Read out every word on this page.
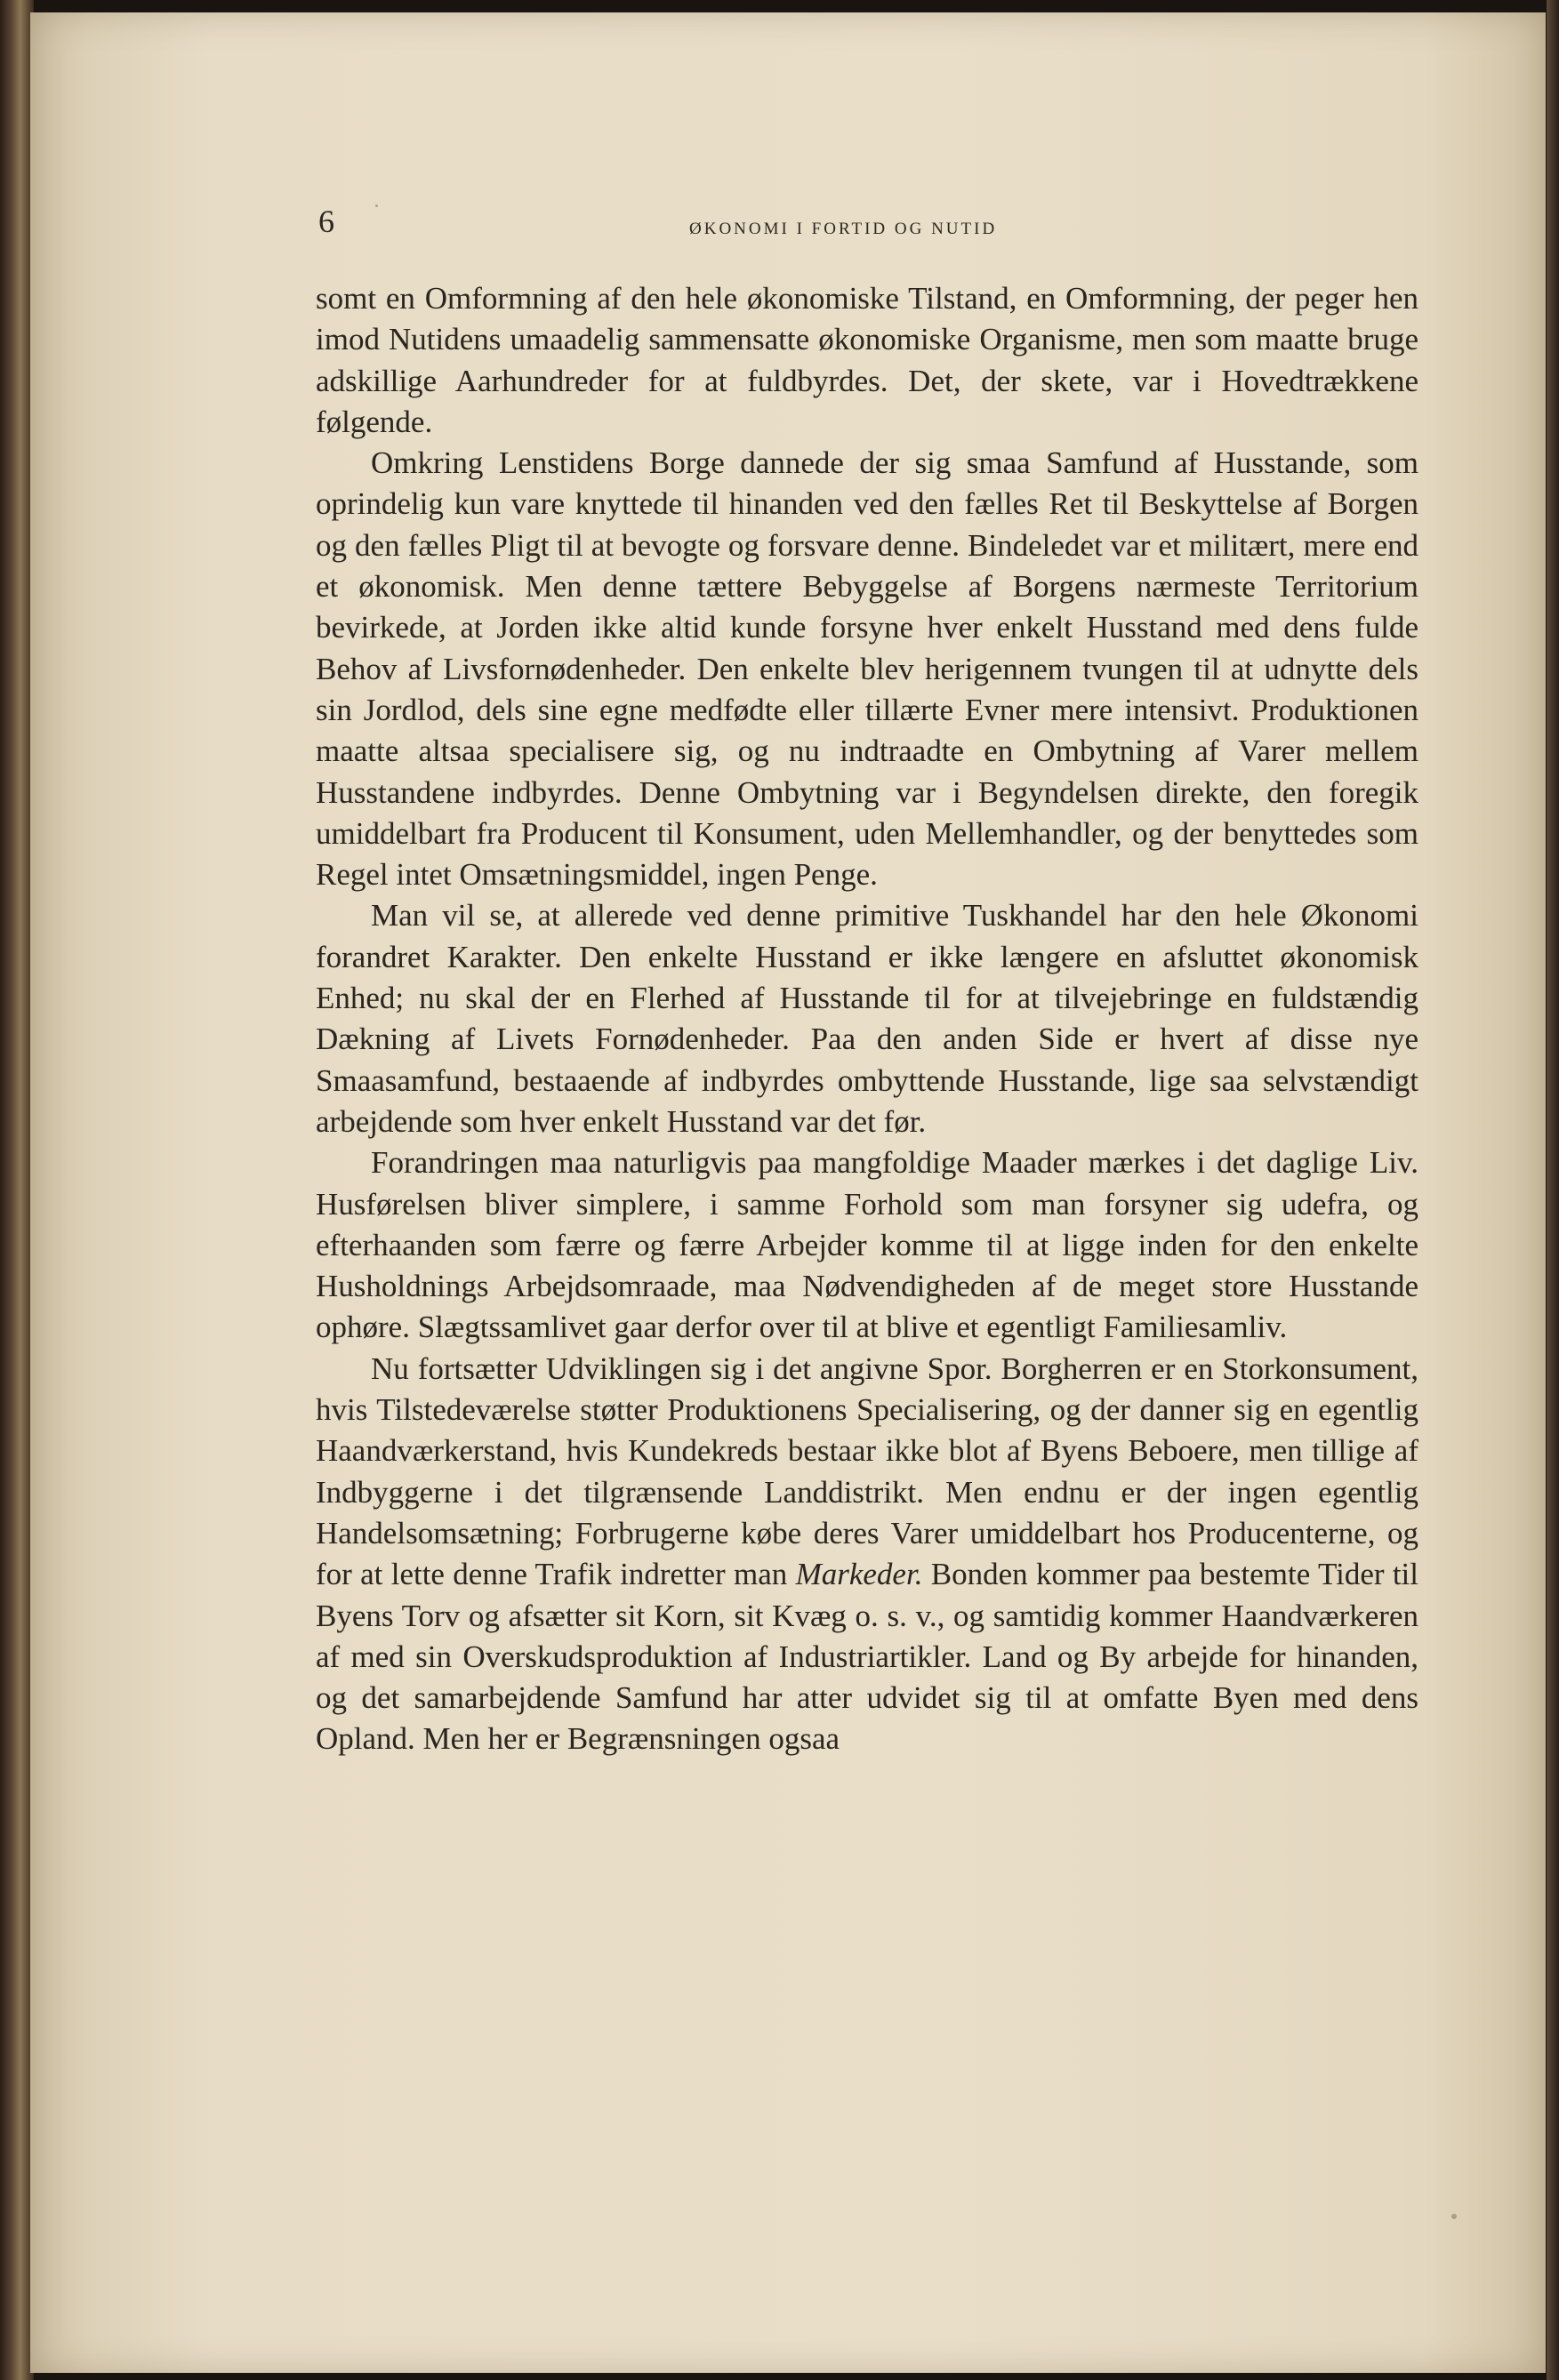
6	ØKONOMI I FORTID OG NUTID

somt en Omformning af den hele økonomiske Tilstand, en Omformning, der peger hen imod Nutidens umaadelig sammensatte økonomiske Organisme, men som maatte bruge adskillige Aarhundreder for at fuldbyrdes. Det, der skete, var i Hovedtrækkene følgende.

Omkring Lenstidens Borge dannede der sig smaa Samfund af Husstande, som oprindelig kun vare knyttede til hinanden ved den fælles Ret til Beskyttelse af Borgen og den fælles Pligt til at bevogte og forsvare denne. Bindeledet var et militært, mere end et økonomisk. Men denne tættere Bebyggelse af Borgens nærmeste Territorium bevirkede, at Jorden ikke altid kunde forsyne hver enkelt Husstand med dens fulde Behov af Livsfornødenheder. Den enkelte blev herigennem tvungen til at udnytte dels sin Jordlod, dels sine egne medfødte eller tillærte Evner mere intensivt. Produktionen maatte altsaa specialisere sig, og nu indtraadte en Ombytning af Varer mellem Husstandene indbyrdes. Denne Ombytning var i Begyndelsen direkte, den foregik umiddelbart fra Producent til Konsument, uden Mellemhandler, og der benyttedes som Regel intet Omsætningsmiddel, ingen Penge.

Man vil se, at allerede ved denne primitive Tuskhandel har den hele Økonomi forandret Karakter. Den enkelte Husstand er ikke længere en afsluttet økonomisk Enhed; nu skal der en Flerhed af Husstande til for at tilvejebringe en fuldstændig Dækning af Livets Fornødenheder. Paa den anden Side er hvert af disse nye Smaasamfund, bestaaende af indbyrdes ombyttende Husstande, lige saa selvstændigt arbejdende som hver enkelt Husstand var det før.

Forandringen maa naturligvis paa mangfoldige Maader mærkes i det daglige Liv. Husførelsen bliver simplere, i samme Forhold som man forsyner sig udefra, og efterhaanden som færre og færre Arbejder komme til at ligge inden for den enkelte Husholdnings Arbejdsomraade, maa Nødvendigheden af de meget store Husstande ophøre. Slægtssamlivet gaar derfor over til at blive et egentligt Familiesamliv.

Nu fortsætter Udviklingen sig i det angivne Spor. Borgherren er en Storkonsument, hvis Tilstedeværelse støtter Produktionens Specialisering, og der danner sig en egentlig Haandværkerstand, hvis Kundekreds bestaar ikke blot af Byens Beboere, men tillige af Indbyggerne i det tilgrænsende Landdistrikt. Men endnu er der ingen egentlig Handelsomsætning; Forbrugerne købe deres Varer umiddelbart hos Producenterne, og for at lette denne Trafik indretter man Markeder. Bonden kommer paa bestemte Tider til Byens Torv og afsætter sit Korn, sit Kvæg o. s. v., og samtidig kommer Haandværkeren af med sin Overskudsproduktion af Industriartikler. Land og By arbejde for hinanden, og det samarbejdende Samfund har atter udvidet sig til at omfatte Byen med dens Opland. Men her er Begrænsningen ogsaa
